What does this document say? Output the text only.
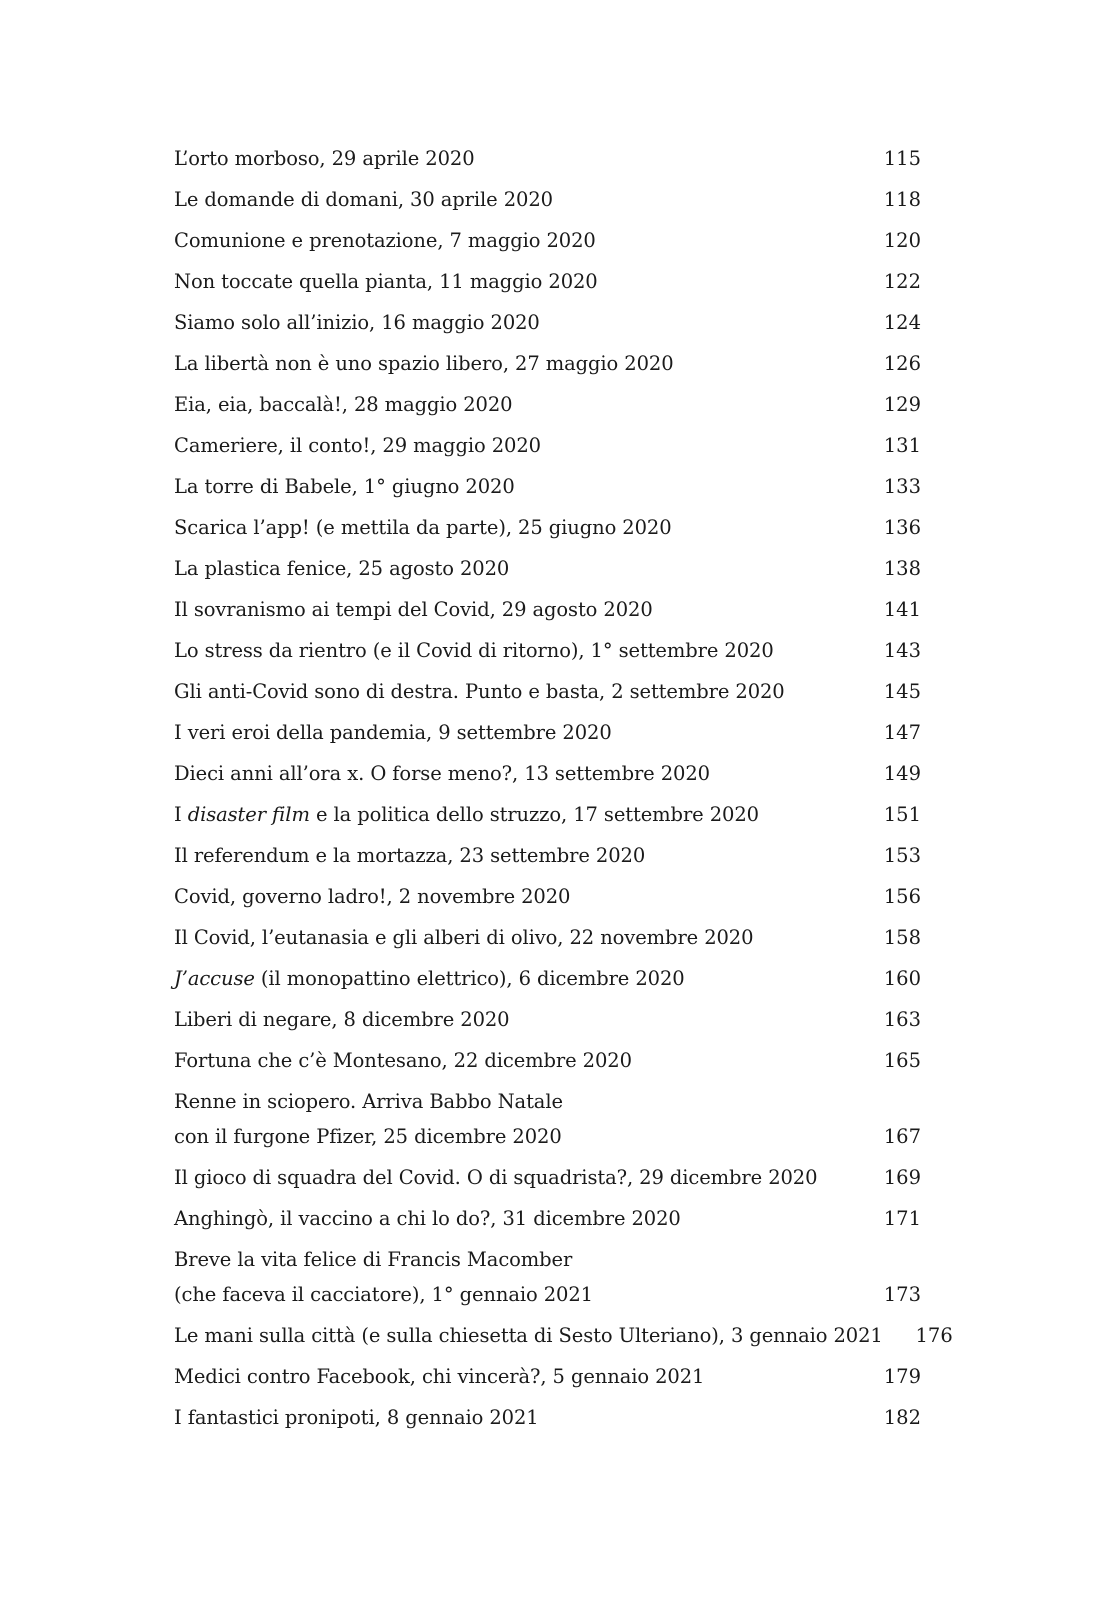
L’orto morboso, 29 aprile 2020	115
Le domande di domani, 30 aprile 2020	118
Comunione e prenotazione, 7 maggio 2020	120
Non toccate quella pianta, 11 maggio 2020	122
Siamo solo all’inizio, 16 maggio 2020	124
La libertà non è uno spazio libero, 27 maggio 2020	126
Eia, eia, baccalà!, 28 maggio 2020	129
Cameriere, il conto!, 29 maggio 2020	131
La torre di Babele, 1° giugno 2020	133
Scarica l’app! (e mettila da parte), 25 giugno 2020	136
La plastica fenice, 25 agosto 2020	138
Il sovranismo ai tempi del Covid, 29 agosto 2020	141
Lo stress da rientro (e il Covid di ritorno), 1° settembre 2020	143
Gli anti-Covid sono di destra. Punto e basta, 2 settembre 2020	145
I veri eroi della pandemia, 9 settembre 2020	147
Dieci anni all’ora x. O forse meno?, 13 settembre 2020	149
I disaster film e la politica dello struzzo, 17 settembre 2020	151
Il referendum e la mortazza, 23 settembre 2020	153
Covid, governo ladro!, 2 novembre 2020	156
Il Covid, l’eutanasia e gli alberi di olivo, 22 novembre 2020	158
J’accuse (il monopattino elettrico), 6 dicembre 2020	160
Liberi di negare, 8 dicembre 2020	163
Fortuna che c’è Montesano, 22 dicembre 2020	165
Renne in sciopero. Arriva Babbo Natale
con il furgone Pfizer, 25 dicembre 2020	167
Il gioco di squadra del Covid. O di squadrista?, 29 dicembre 2020	169
Anghingò, il vaccino a chi lo do?, 31 dicembre 2020	171
Breve la vita felice di Francis Macomber
(che faceva il cacciatore), 1° gennaio 2021	173
Le mani sulla città (e sulla chiesetta di Sesto Ulteriano), 3 gennaio 2021	176
Medici contro Facebook, chi vincerà?, 5 gennaio 2021	179
I fantastici pronipoti, 8 gennaio 2021	182
